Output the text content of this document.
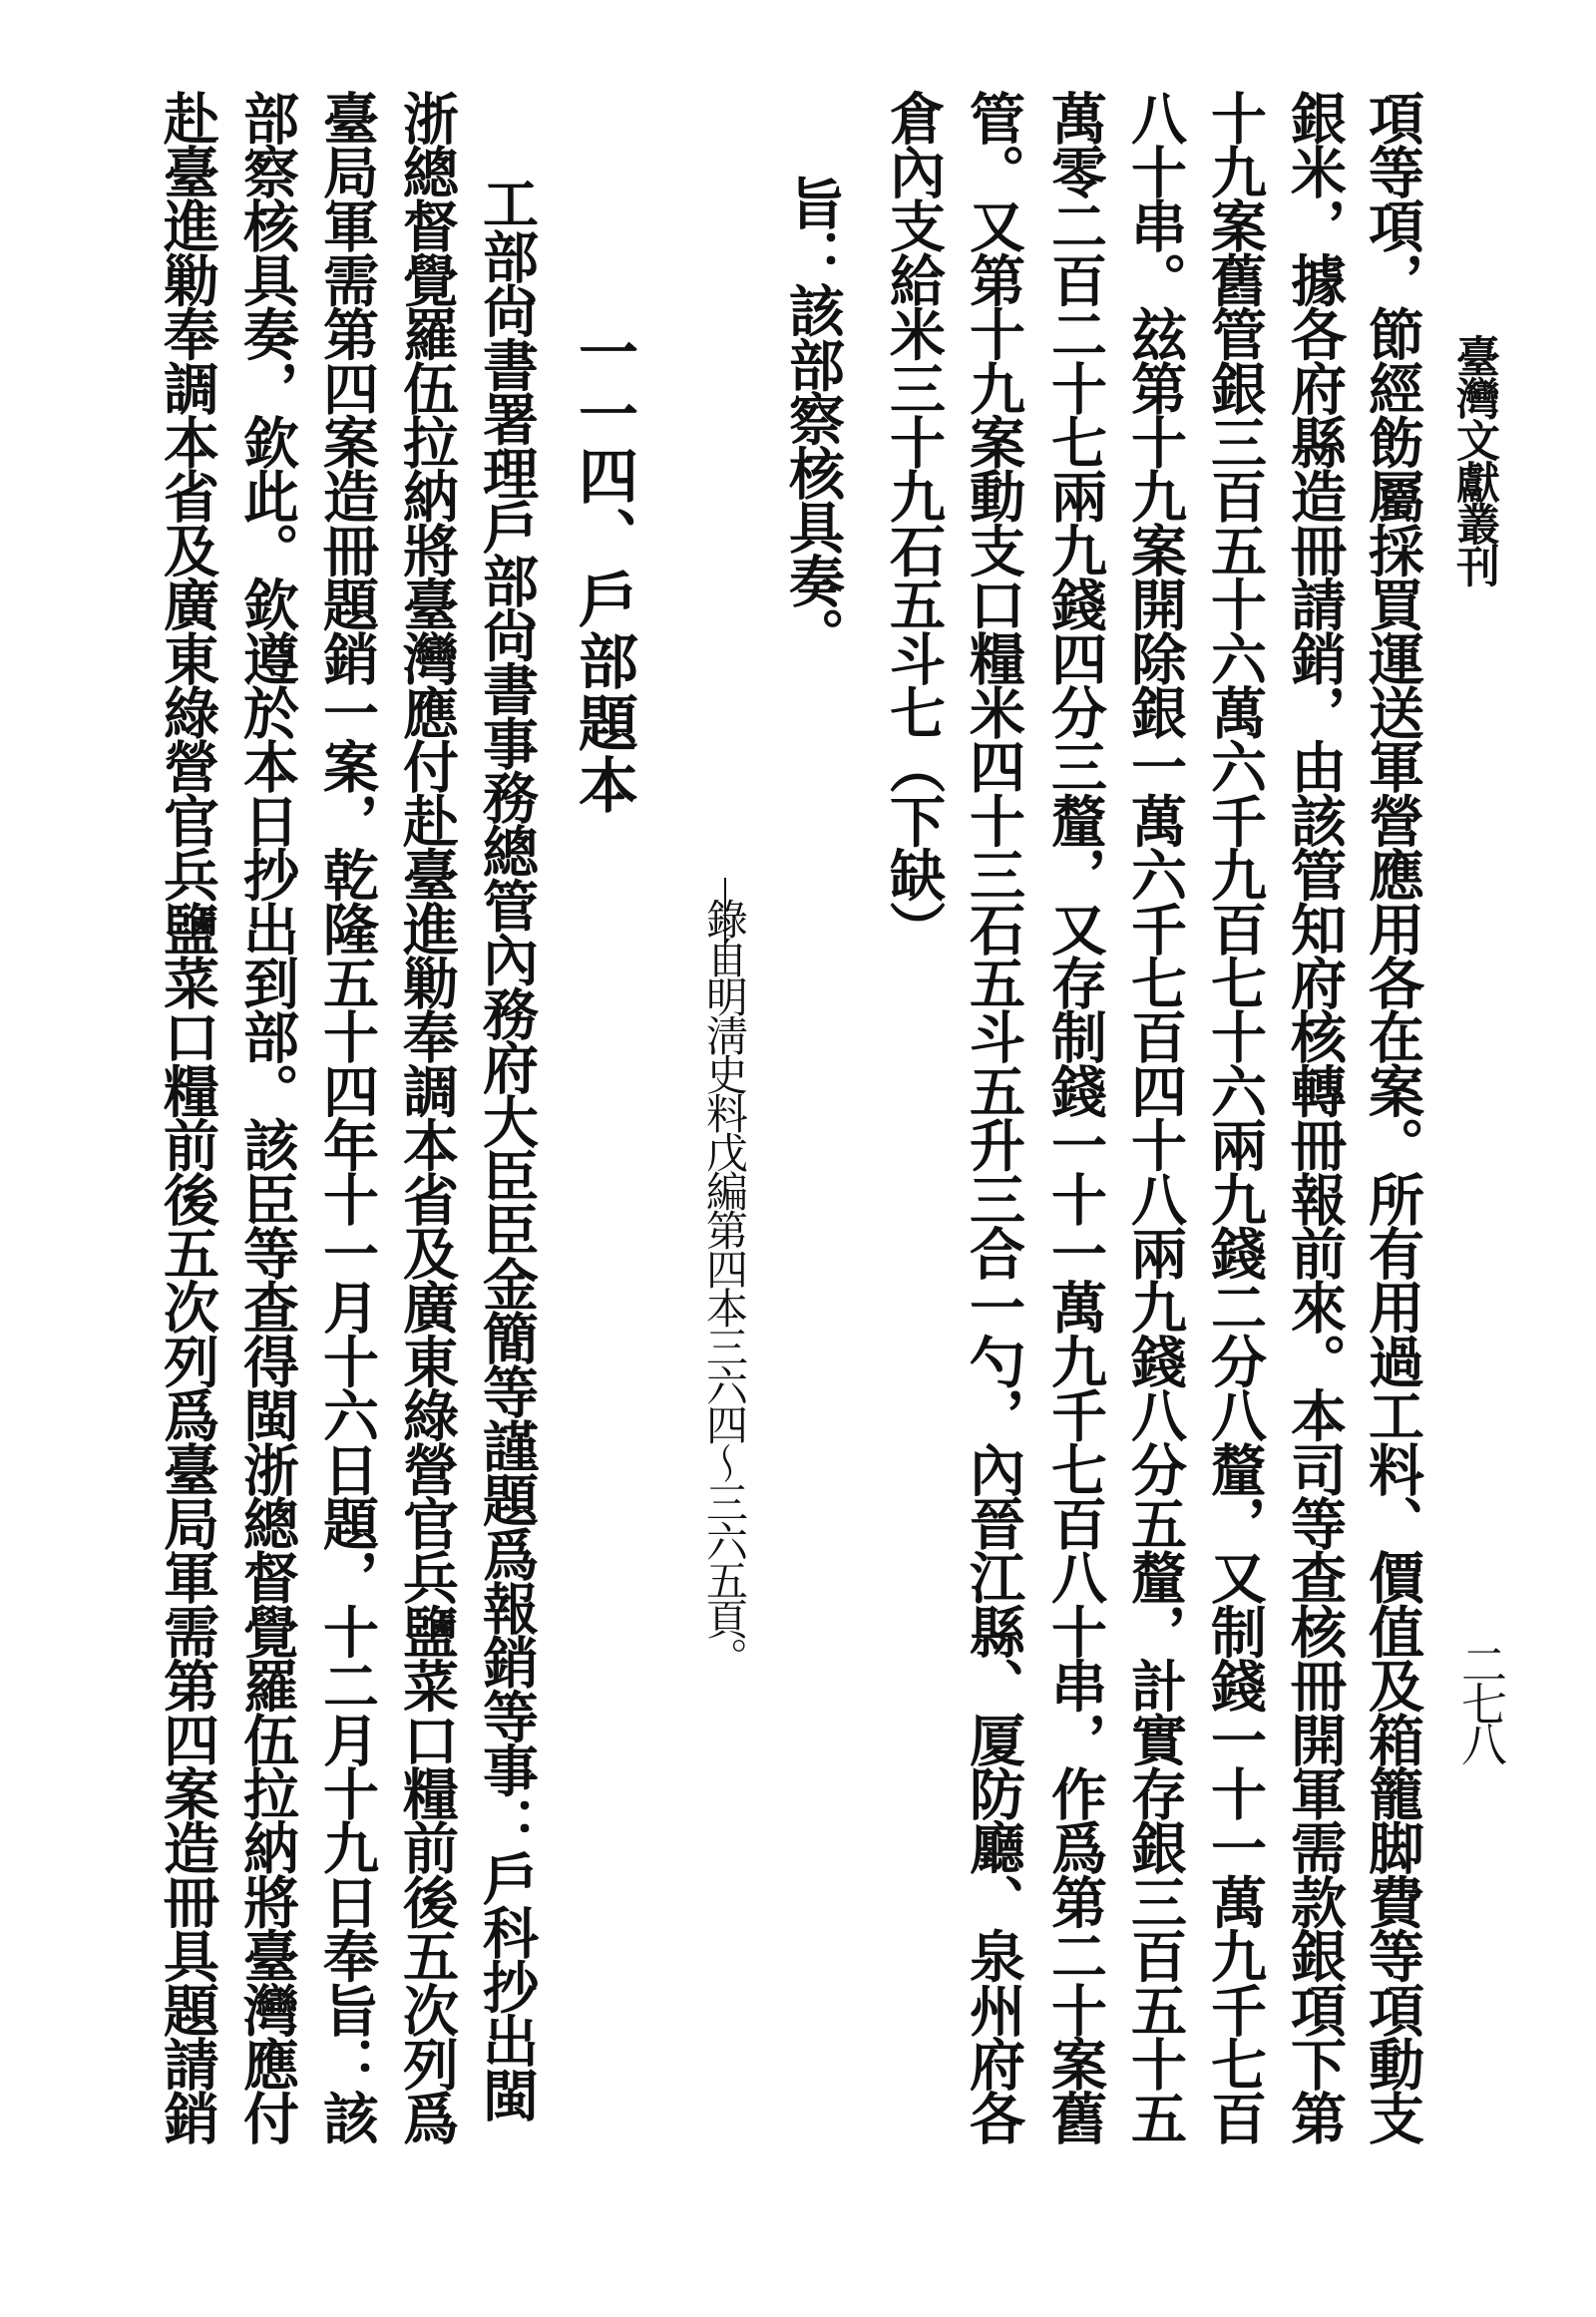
臺灣文獻叢刊
二七八
項等項，節經飭屬採買運送軍營應用各在案。所有用過工料、價值及箱籠脚費等項動支
銀米，據各府縣造冊請銷，由該管知府核轉冊報前來。本司等查核冊開軍需款銀項下第
十九案舊管銀三百五十六萬六千九百七十六兩九錢二分八釐，又制錢一十一萬九千七百
八十串。玆第十九案開除銀一萬六千七百四十八兩九錢八分五釐，計實存銀三百五十五
萬零二百二十七兩九錢四分三釐，又存制錢一十一萬九千七百八十串，作爲第二十案舊
管。又第十九案動支口糧米四十三石五斗五升三合一勺，內晉江縣、厦防廳、泉州府各
倉內支給米三十九石五斗七（下缺）
旨：該部察核具奏。
錄自明淸史料戊編第四本三六四〜三六五頁。
一一四、戶部題本
工部尙書署理戶部尙書事務總管內務府大臣臣金簡等謹題爲報銷等事：戶科抄出閩
浙總督覺羅伍拉納將臺灣應付赴臺進勦奉調本省及廣東綠營官兵鹽菜口糧前後五次列爲
臺局軍需第四案造冊題銷一案，乾隆五十四年十一月十六日題，十二月十九日奉旨：該
部察核具奏，欽此。欽遵於本日抄出到部。該臣等查得閩浙總督覺羅伍拉納將臺灣應付
赴臺進勦奉調本省及廣東綠營官兵鹽菜口糧前後五次列爲臺局軍需第四案造冊具題請銷
